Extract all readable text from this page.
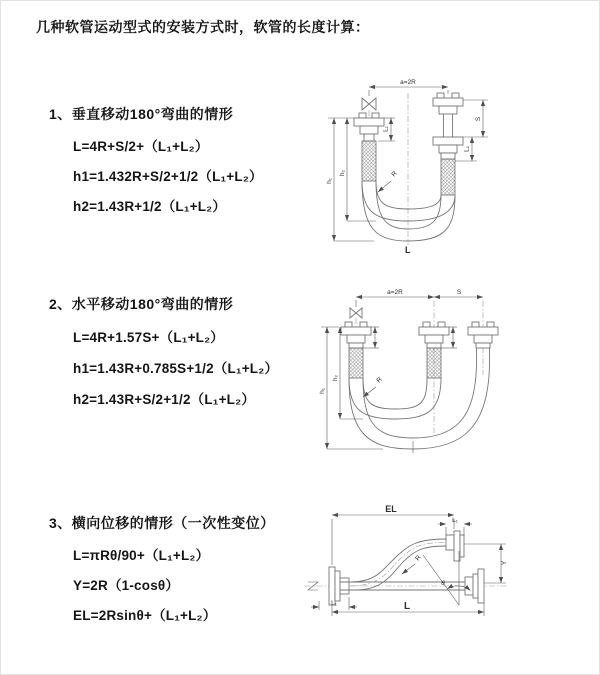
几种软管运动型式的安装方式时，软管的长度计算：
1、垂直移动180°弯曲的情形
L=4R+S/2+（L₁+L₂）
h1=1.432R+S/2+1/2（L₁+L₂）
h2=1.43R+1/2（L₁+L₂）
a=2R
h₁
h₂
L₁
S
L₁
R
L
2、水平移动180°弯曲的情形
L=4R+1.57S+（L₁+L₂）
h1=1.43R+0.785S+1/2（L₁+L₂）
h2=1.43R+S/2+1/2（L₁+L₂）
a=2R	S
h₁
h₂	R
3、横向位移的情形（一次性变位）
L=πRθ/90+（L₁+L₂）
Y=2R（1-cosθ）
EL=2Rsinθ+（L₁+L₂）
EL
L₁
Y
θ
R
L
L₁
